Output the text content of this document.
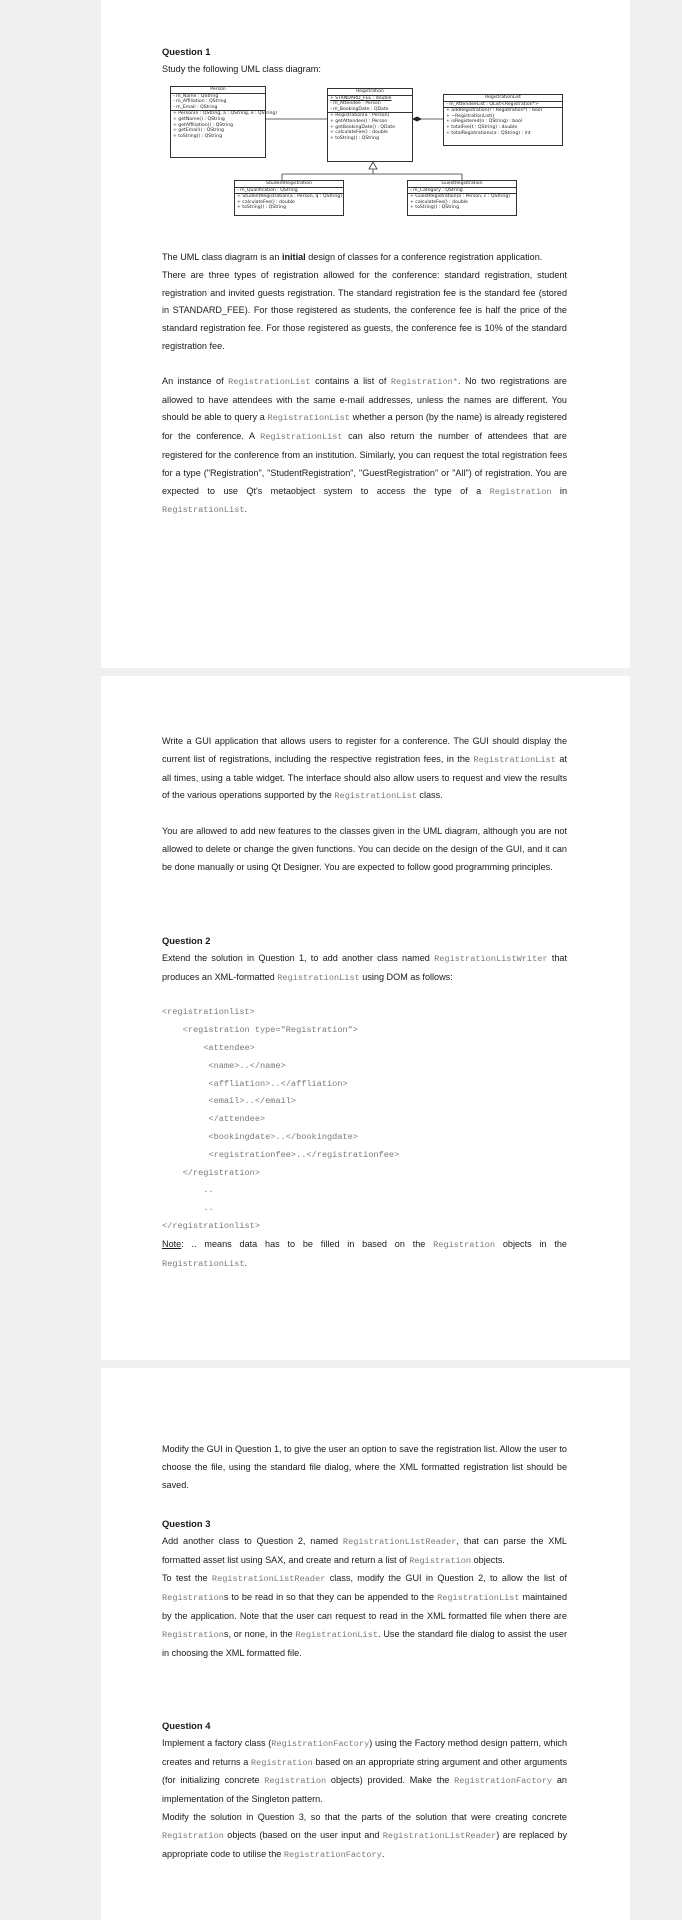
Question 1

Study the following UML class diagram:

Person
- m_Name : QString
- m_Affiliation : QString
- m_Email : QString
+ Person(n : QString, a : QString, e : QString)
+ getName() : QString
+ getAffiliation() : QString
+ getEmail() : QString
+ toString() : QString
Registration
+ STANDARD_FEE : double
- m_Attendee : Person
- m_BookingDate : QDate
+ Registration(a : Person)
+ getAttendee() : Person
+ getBookingDate() : QDate
+ calculateFee() : double
+ toString() : QString
RegistrationList
- m_AttendeeList : QList<Registration*>
+ addRegistration(r : Registration*) : bool
+ ~RegistrationList()
+ isRegistered(n : QString) : bool
+ totalFee(t : QString) : double
+ totalRegistrations(a : QString) : int
StudentRegistration
- m_Qualification : QString
+ StudentRegistration(a : Person, q : QString)
+ calculateFee() : double
+ toString() : QString
GuestRegistration
- m_Category : QString
+ GuestRegistration(a : Person, c : QString)
+ calculateFee() : double
+ toString() : QString

The UML class diagram is an initial design of classes for a conference registration application.

There are three types of registration allowed for the conference: standard registration, student registration and invited guests registration. The standard registration fee is the standard fee (stored in STANDARD_FEE). For those registered as students, the conference fee is half the price of the standard registration fee. For those registered as guests, the conference fee is 10% of the standard registration fee.

An instance of RegistrationList contains a list of Registration*. No two registrations are allowed to have attendees with the same e-mail addresses, unless the names are different. You should be able to query a RegistrationList whether a person (by the name) is already registered for the conference. A RegistrationList can also return the number of attendees that are registered for the conference from an institution. Similarly, you can request the total registration fees for a type ("Registration", "StudentRegistration", "GuestRegistration" or "All") of registration. You are expected to use Qt's metaobject system to access the type of a Registration in RegistrationList.

Write a GUI application that allows users to register for a conference. The GUI should display the current list of registrations, including the respective registration fees, in the RegistrationList at all times, using a table widget. The interface should also allow users to request and view the results of the various operations supported by the RegistrationList class.

You are allowed to add new features to the classes given in the UML diagram, although you are not allowed to delete or change the given functions. You can decide on the design of the GUI, and it can be done manually or using Qt Designer. You are expected to follow good programming principles.

Question 2

Extend the solution in Question 1, to add another class named RegistrationListWriter that produces an XML-formatted RegistrationList using DOM as follows:

<registrationlist>
<registration type="Registration">
<attendee>
<name>..</name>
<affliation>..</affliation>
<email>..</email>
</attendee>
<bookingdate>..</bookingdate>
<registrationfee>..</registrationfee>
</registration>
..
..
</registrationlist>

Note: .. means data has to be filled in based on the Registration objects in the RegistrationList.

Modify the GUI in Question 1, to give the user an option to save the registration list. Allow the user to choose the file, using the standard file dialog, where the XML formatted registration list should be saved.

Question 3

Add another class to Question 2, named RegistrationListReader, that can parse the XML formatted asset list using SAX, and create and return a list of Registration objects.

To test the RegistrationListReader class, modify the GUI in Question 2, to allow the list of Registrations to be read in so that they can be appended to the RegistrationList maintained by the application. Note that the user can request to read in the XML formatted file when there are Registrations, or none, in the RegistrationList. Use the standard file dialog to assist the user in choosing the XML formatted file.

Question 4

Implement a factory class (RegistrationFactory) using the Factory method design pattern, which creates and returns a Registration based on an appropriate string argument and other arguments (for initializing concrete Registration objects) provided. Make the RegistrationFactory an implementation of the Singleton pattern.

Modify the solution in Question 3, so that the parts of the solution that were creating concrete Registration objects (based on the user input and RegistrationListReader) are replaced by appropriate code to utilise the RegistrationFactory.
